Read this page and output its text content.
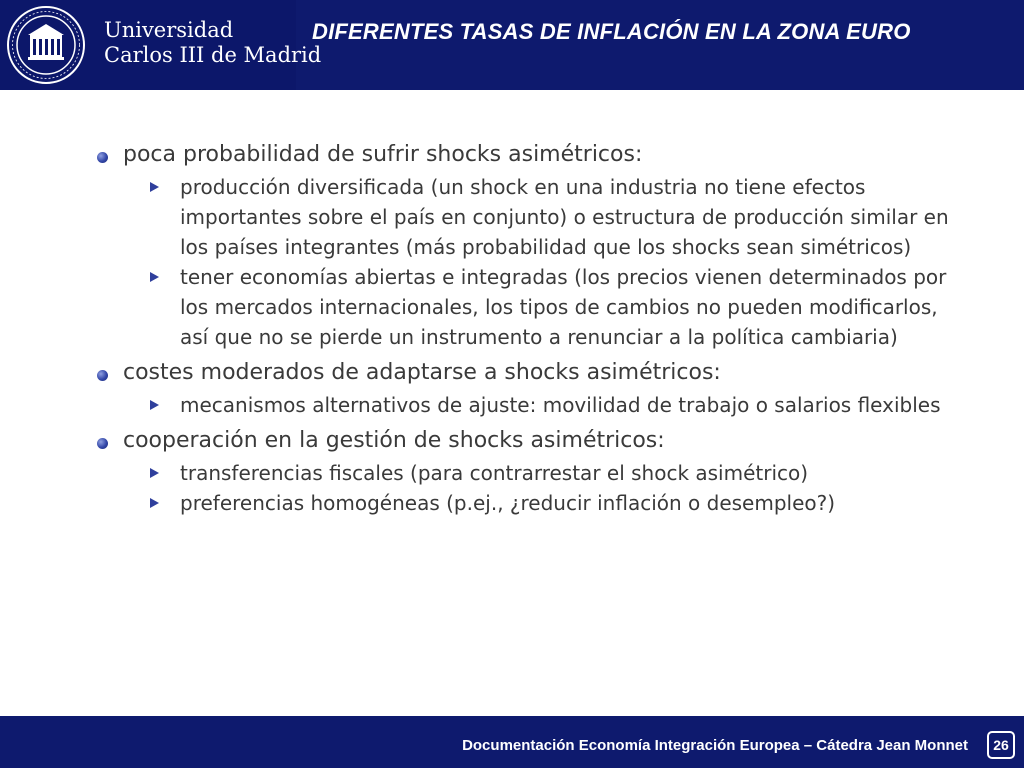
Universidad
Carlos III de Madrid
DIFERENTES TASAS DE INFLACIÓN EN LA ZONA EURO
poca probabilidad de sufrir shocks asimétricos:
producción diversificada (un shock en una industria no tiene efectos importantes sobre el país en conjunto) o estructura de producción similar en los países integrantes (más probabilidad que los shocks sean simétricos)
tener economías abiertas e integradas (los precios vienen determinados por los mercados internacionales, los tipos de cambios no pueden modificarlos, así que no se pierde un instrumento a renunciar a la política cambiaria)
costes moderados de adaptarse a shocks asimétricos:
mecanismos alternativos de ajuste: movilidad de trabajo o salarios flexibles
cooperación en la gestión de shocks asimétricos:
transferencias fiscales (para contrarrestar el shock asimétrico)
preferencias homogéneas (p.ej., ¿reducir inflación o desempleo?)
Documentación Economía Integración Europea – Cátedra Jean Monnet	26
